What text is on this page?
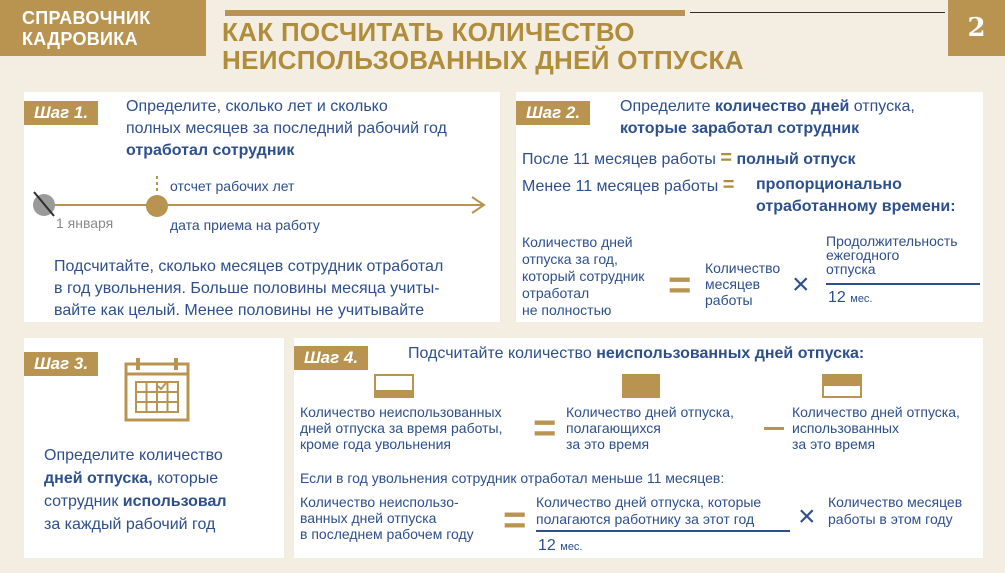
СПРАВОЧНИК
КАДРОВИКА	КАК ПОСЧИТАТЬ КОЛИЧЕСТВО
НЕИСПОЛЬЗОВАННЫХ ДНЕЙ ОТПУСКА
2
Шаг 1.	Определите, сколько лет и сколько
полных месяцев за последний рабочий год
отработал сотрудник
отсчет рабочих лет
1 января	дата приема на работу
Подсчитайте, сколько месяцев сотрудник отработал
в год увольнения. Больше половины месяца учиты-
вайте как целый. Менее половины не учитывайте
Шаг 2.	Определите количество дней отпуска,
которые заработал сотрудник
После 11 месяцев работы = полный отпуск
Менее 11 месяцев работы =	пропорционально
отработанному времени:
Количество дней
отпуска за год,
который сотрудник
отработал
не полностью
= Количество
месяцев
работы	×
Продолжительность
ежегодного
отпуска
12 мес.
Шаг 3.
Определите количество
дней отпуска, которые
сотрудник использовал
за каждый рабочий год
Шаг 4.	Подсчитайте количество неиспользованных дней отпуска:
Количество неиспользованных
дней отпуска за время работы,
кроме года увольнения	= Количество дней отпуска,
полагающихся
за это время
Количество дней отпуска,
использованных
за это время
Если в год увольнения сотрудник отработал меньше 11 месяцев:
Количество неиспользо-
ванных дней отпуска
в последнем рабочем году = Количество дней отпуска, которые
полагаются работнику за этот год
12 мес.
× Количество месяцев
работы в этом году
